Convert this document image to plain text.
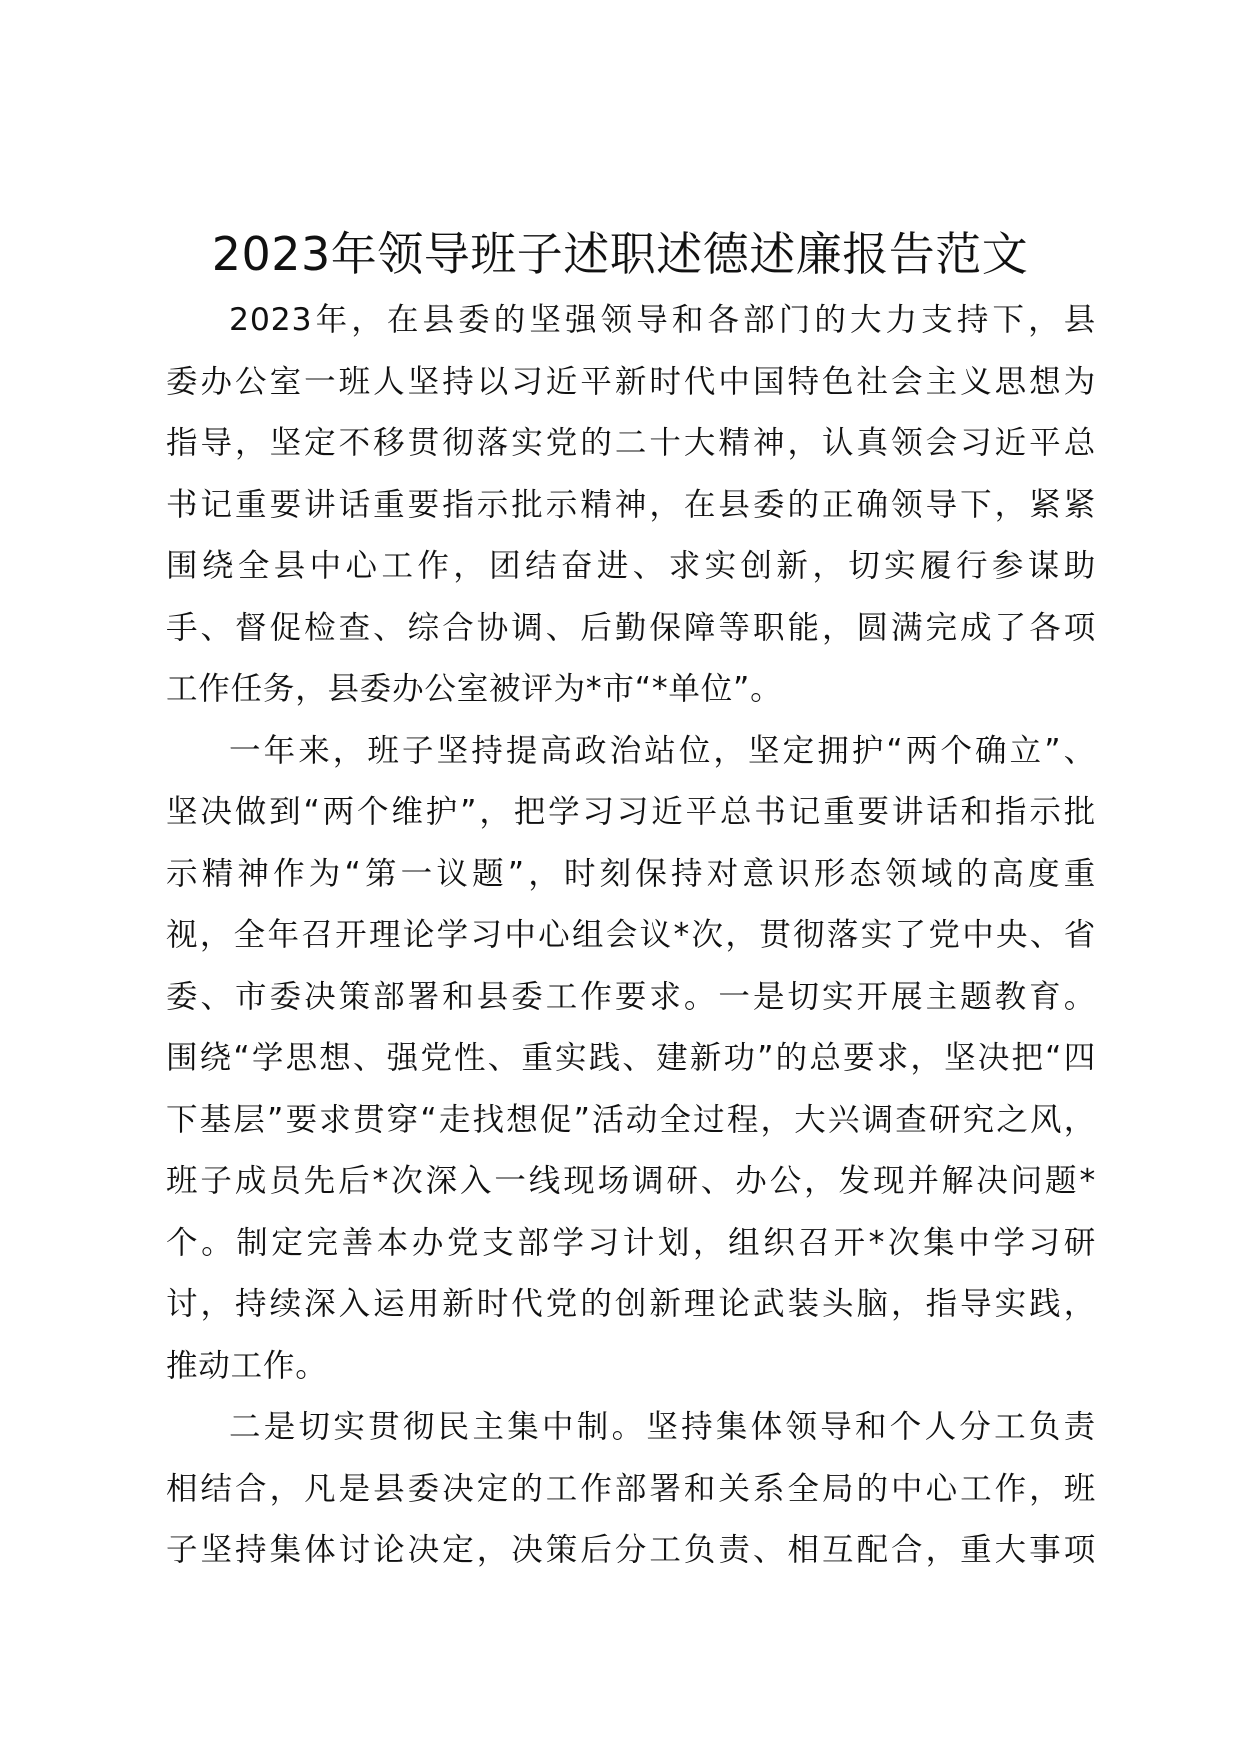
2023年领导班子述职述德述廉报告范文
2023年，在县委的坚强领导和各部门的大力支持下，县
委办公室一班人坚持以习近平新时代中国特色社会主义思想为
指导，坚定不移贯彻落实党的二十大精神，认真领会习近平总
书记重要讲话重要指示批示精神，在县委的正确领导下，紧紧
围绕全县中心工作，团结奋进、求实创新，切实履行参谋助
手、督促检查、综合协调、后勤保障等职能，圆满完成了各项
工作任务，县委办公室被评为*市“*单位”。
一年来，班子坚持提高政治站位，坚定拥护“两个确立”、
坚决做到“两个维护”，把学习习近平总书记重要讲话和指示批
示精神作为“第一议题”，时刻保持对意识形态领域的高度重
视，全年召开理论学习中心组会议*次，贯彻落实了党中央、省
委、市委决策部署和县委工作要求。一是切实开展主题教育。
围绕“学思想、强党性、重实践、建新功”的总要求，坚决把“四
下基层”要求贯穿“走找想促”活动全过程，大兴调查研究之风，
班子成员先后*次深入一线现场调研、办公，发现并解决问题*
个。制定完善本办党支部学习计划，组织召开*次集中学习研
讨，持续深入运用新时代党的创新理论武装头脑，指导实践，
推动工作。
二是切实贯彻民主集中制。坚持集体领导和个人分工负责
相结合，凡是县委决定的工作部署和关系全局的中心工作，班
子坚持集体讨论决定，决策后分工负责、相互配合，重大事项
